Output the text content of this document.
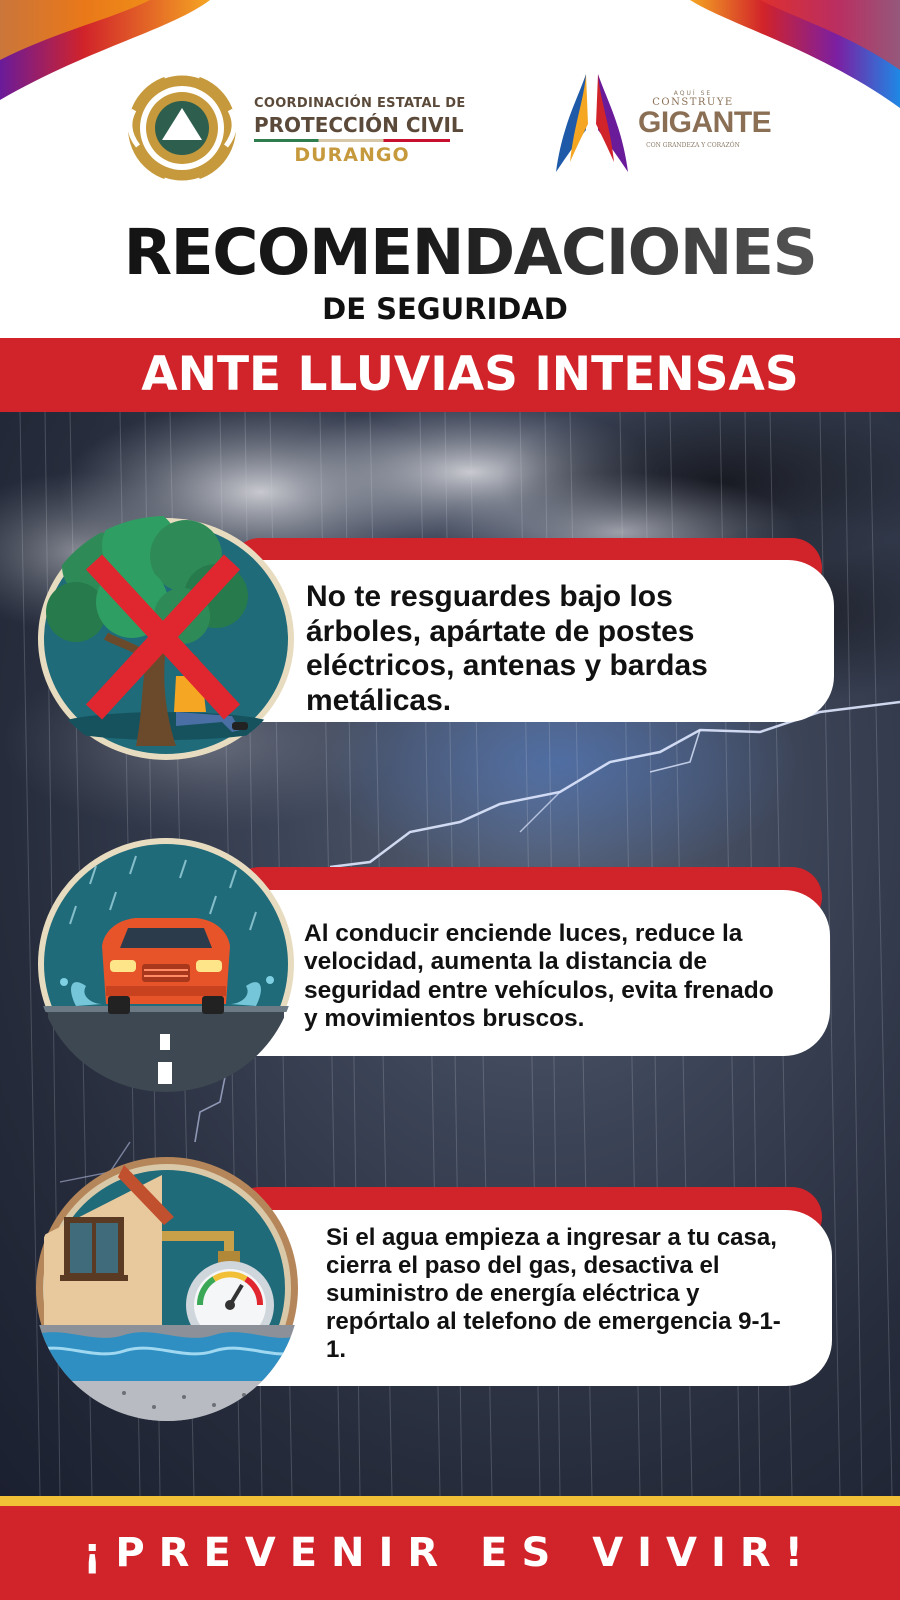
COORDINACIÓN ESTATAL DE
PROTECCIÓN CIVIL
DURANGO
AQUÍ SE
CONSTRUYE
GIGANTE
CON GRANDEZA Y CORAZÓN
RECOMENDACIONES
DE SEGURIDAD
ANTE LLUVIAS INTENSAS
No te resguardes bajo los árboles, apártate de postes eléctricos, antenas y bardas metálicas.
Al conducir enciende luces, reduce la velocidad, aumenta la distancia de seguridad entre vehículos, evita frenado y movimientos bruscos.
Si el agua empieza a ingresar a tu casa, cierra el paso del gas, desactiva el suministro de energía eléctrica y repórtalo al telefono de emergencia 9-1-1.
¡PREVENIR ES VIVIR!
